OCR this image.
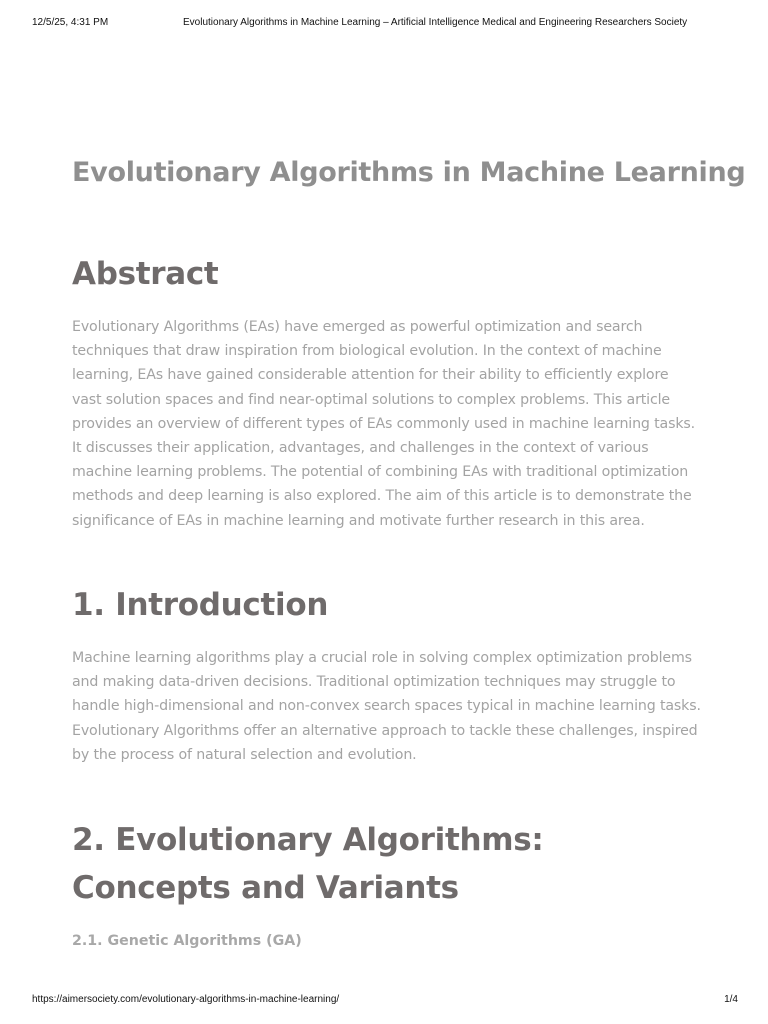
12/5/25, 4:31 PM	Evolutionary Algorithms in Machine Learning – Artificial Intelligence Medical and Engineering Researchers Society
Evolutionary Algorithms in Machine Learning
Abstract

Evolutionary Algorithms (EAs) have emerged as powerful optimization and search techniques that draw inspiration from biological evolution. In the context of machine learning, EAs have gained considerable attention for their ability to efficiently explore vast solution spaces and find near-optimal solutions to complex problems. This article provides an overview of different types of EAs commonly used in machine learning tasks. It discusses their application, advantages, and challenges in the context of various machine learning problems. The potential of combining EAs with traditional optimization methods and deep learning is also explored. The aim of this article is to demonstrate the significance of EAs in machine learning and motivate further research in this area.

1. Introduction

Machine learning algorithms play a crucial role in solving complex optimization problems and making data-driven decisions. Traditional optimization techniques may struggle to handle high-dimensional and non-convex search spaces typical in machine learning tasks. Evolutionary Algorithms offer an alternative approach to tackle these challenges, inspired by the process of natural selection and evolution.

2. Evolutionary Algorithms: Concepts and Variants
2.1. Genetic Algorithms (GA)
https://aimersociety.com/evolutionary-algorithms-in-machine-learning/	1/4
